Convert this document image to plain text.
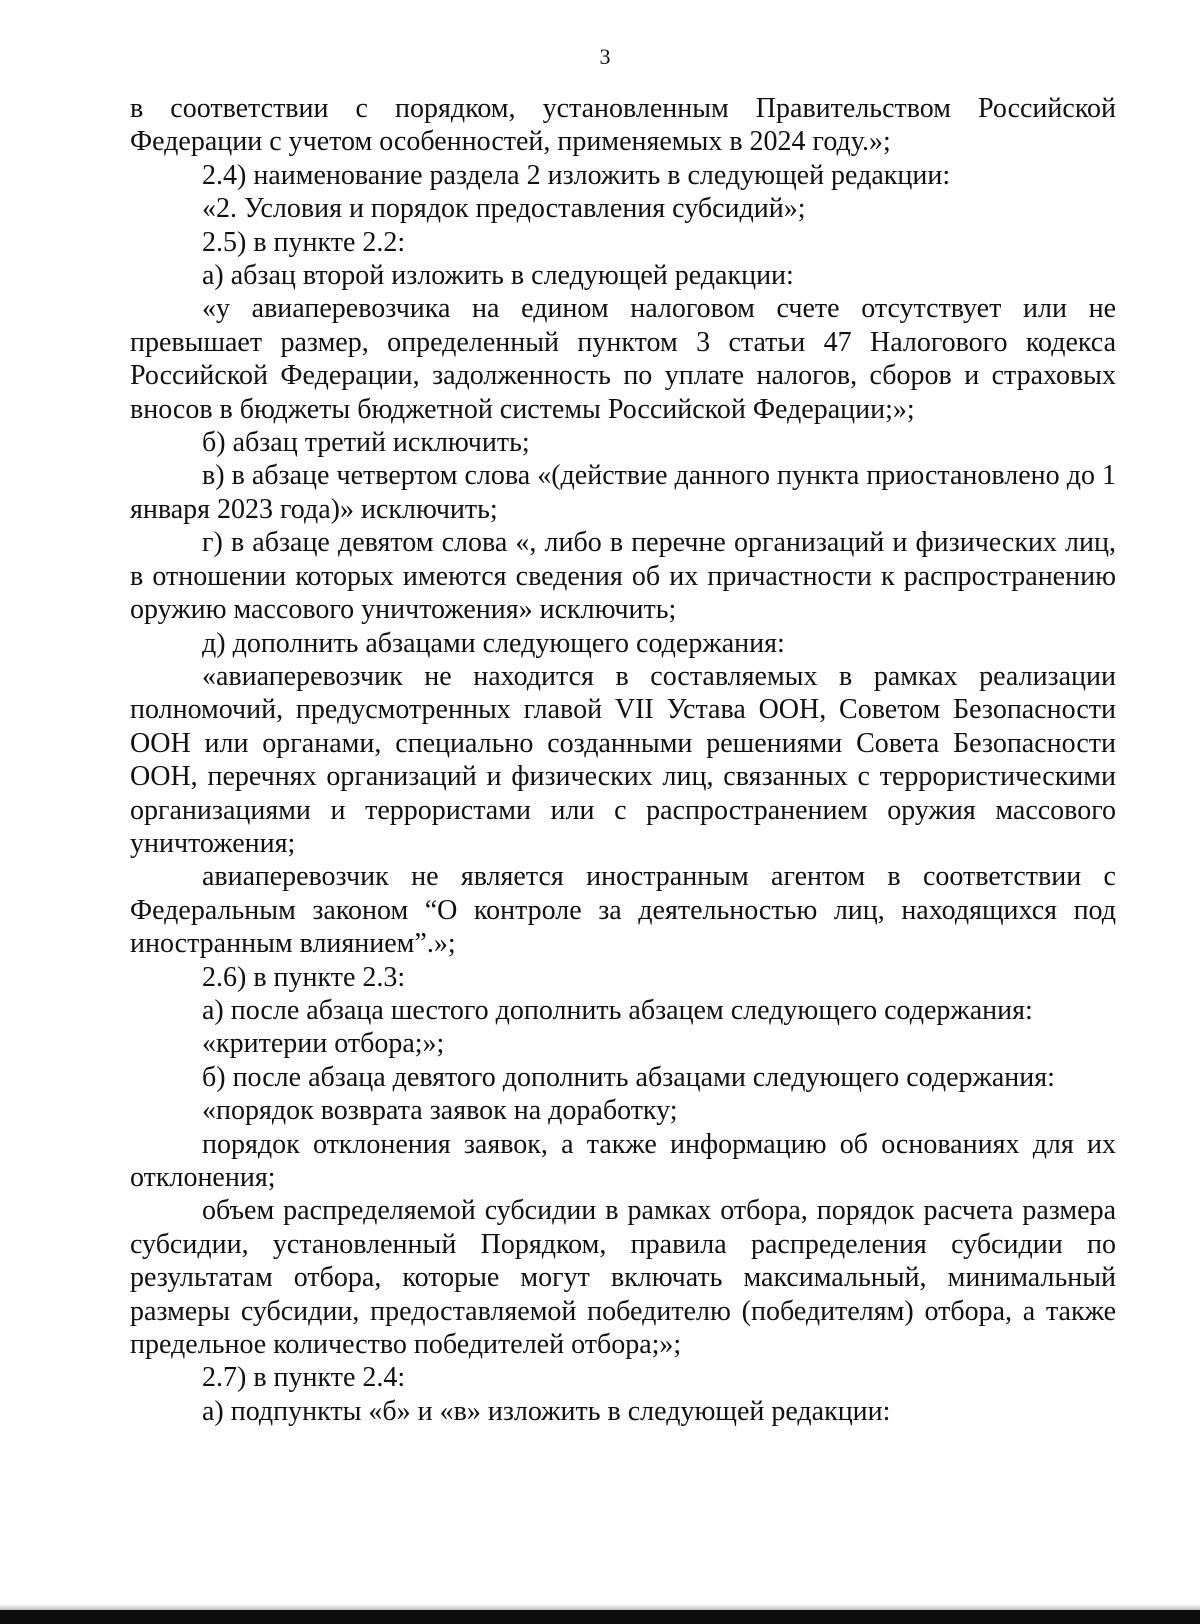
3

в соответствии с порядком, установленным Правительством Российской Федерации с учетом особенностей, применяемых в 2024 году.»;

2.4) наименование раздела 2 изложить в следующей редакции:

«2. Условия и порядок предоставления субсидий»;

2.5) в пункте 2.2:

а) абзац второй изложить в следующей редакции:

«у авиаперевозчика на едином налоговом счете отсутствует или не превышает размер, определенный пунктом 3 статьи 47 Налогового кодекса Российской Федерации, задолженность по уплате налогов, сборов и страховых вносов в бюджеты бюджетной системы Российской Федерации;»;

б) абзац третий исключить;

в) в абзаце четвертом слова «(действие данного пункта приостановлено до 1 января 2023 года)» исключить;

г) в абзаце девятом слова «, либо в перечне организаций и физических лиц, в отношении которых имеются сведения об их причастности к распространению оружию массового уничтожения» исключить;

д) дополнить абзацами следующего содержания:

«авиаперевозчик не находится в составляемых в рамках реализации полномочий, предусмотренных главой VII Устава ООН, Советом Безопасности ООН или органами, специально созданными решениями Совета Безопасности ООН, перечнях организаций и физических лиц, связанных с террористическими организациями и террористами или с распространением оружия массового уничтожения;

авиаперевозчик не является иностранным агентом в соответствии с Федеральным законом “О контроле за деятельностью лиц, находящихся под иностранным влиянием”.»;

2.6) в пункте 2.3:

а) после абзаца шестого дополнить абзацем следующего содержания:

«критерии отбора;»;

б) после абзаца девятого дополнить абзацами следующего содержания:

«порядок возврата заявок на доработку;

порядок отклонения заявок, а также информацию об основаниях для их отклонения;

объем распределяемой субсидии в рамках отбора, порядок расчета размера субсидии, установленный Порядком, правила распределения субсидии по результатам отбора, которые могут включать максимальный, минимальный размеры субсидии, предоставляемой победителю (победителям) отбора, а также предельное количество победителей отбора;»;

2.7) в пункте 2.4:

а) подпункты «б» и «в» изложить в следующей редакции:
